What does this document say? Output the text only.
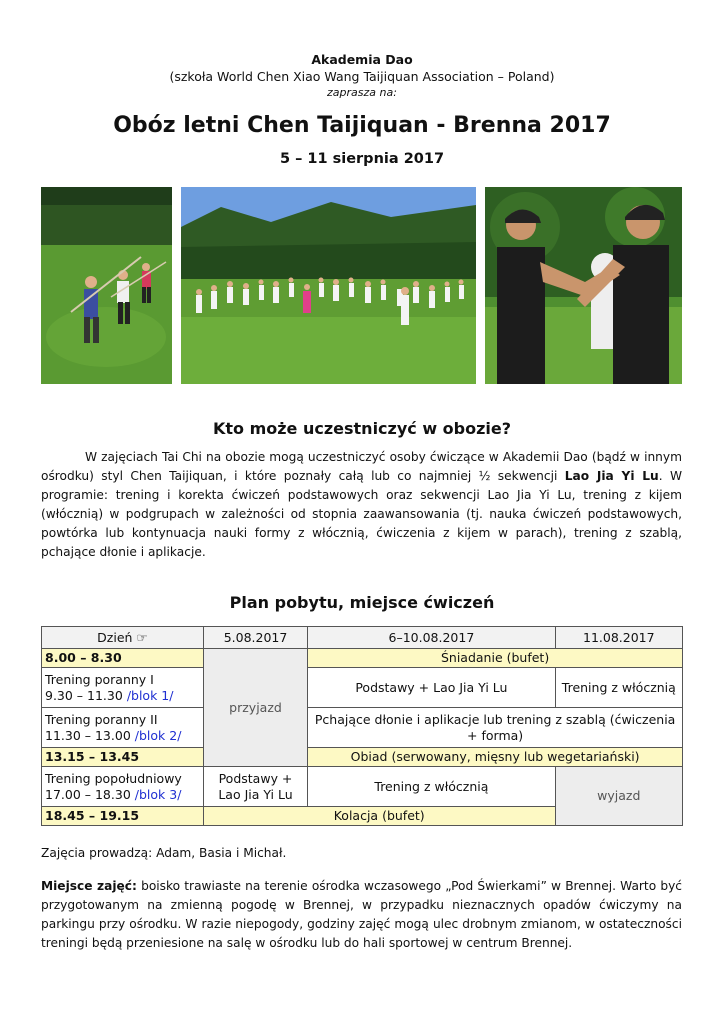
Akademia Dao
(szkoła World Chen Xiao Wang Taijiquan Association – Poland)
zaprasza na:
Obóz letni Chen Taijiquan - Brenna 2017
5 – 11 sierpnia 2017
Kto może uczestniczyć w obozie?

W zajęciach Tai Chi na obozie mogą uczestniczyć osoby ćwiczące w Akademii Dao (bądź w innym ośrodku) styl Chen Taijiquan, i które poznały całą lub co najmniej ½ sekwencji Lao Jia Yi Lu. W programie: trening i korekta ćwiczeń podstawowych oraz sekwencji Lao Jia Yi Lu, trening z kijem (włócznią) w podgrupach w zależności od stopnia zaawansowania (tj. nauka ćwiczeń podstawowych, powtórka lub kontynuacja nauki formy z włócznią, ćwiczenia z kijem w parach), trening z szablą, pchające dłonie i aplikacje.

Plan pobytu, miejsce ćwiczeń
Dzień ☞	5.08.2017	6–10.08.2017	11.08.2017
8.00 – 8.30	przyjazd	Śniadanie (bufet)	
Trening poranny I
9.30 – 11.30 /blok 1/		Podstawy + Lao Jia Yi Lu	Trening z włócznią
Trening poranny II
11.30 – 13.00 /blok 2/		Pchające dłonie i aplikacje lub trening z szablą (ćwiczenia + forma)	
13.15 – 13.45		Obiad (serwowany, mięsny lub wegetariański)	
Trening popołudniowy
17.00 – 18.30 /blok 3/	Podstawy + Lao Jia Yi Lu	Trening z włócznią	wyjazd
18.45 – 19.15	Kolacja (bufet)		
Zajęcia prowadzą: Adam, Basia i Michał.

Miejsce zajęć: boisko trawiaste na terenie ośrodka wczasowego „Pod Świerkami” w Brennej. Warto być przygotowanym na zmienną pogodę w Brennej, w przypadku nieznacznych opadów ćwiczymy na parkingu przy ośrodku. W razie niepogody, godziny zajęć mogą ulec drobnym zmianom, w ostateczności treningi będą przeniesione na salę w ośrodku lub do hali sportowej w centrum Brennej.
